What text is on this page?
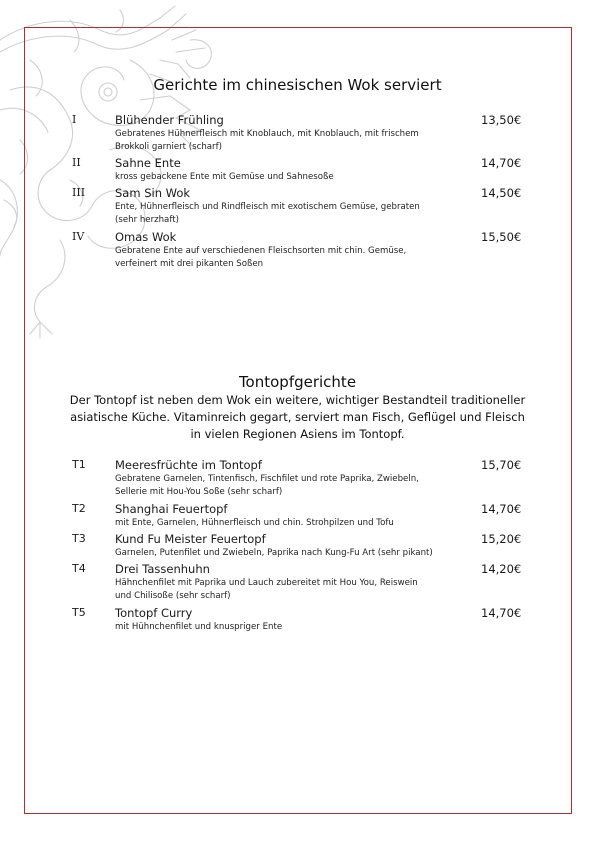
Gerichte im chinesischen Wok serviert
I	Blühender Frühling	13,50€
Gebratenes Hühnerfleisch mit Knoblauch, mit Knoblauch, mit frischem
Brokkoli garniert (scharf)
II	Sahne Ente	14,70€
kross gebackene Ente mit Gemüse und Sahnesoße
III	Sam Sin Wok	14,50€
Ente, Hühnerfleisch und Rindfleisch mit exotischem Gemüse, gebraten
(sehr herzhaft)
IV	Omas Wok	15,50€
Gebratene Ente auf verschiedenen Fleischsorten mit chin. Gemüse,
verfeinert mit drei pikanten Soßen
Tontopfgerichte
Der Tontopf ist neben dem Wok ein weitere, wichtiger Bestandteil traditioneller
asiatische Küche. Vitaminreich gegart, serviert man Fisch, Geflügel und Fleisch
in vielen Regionen Asiens im Tontopf.
T1	Meeresfrüchte im Tontopf	15,70€
Gebratene Garnelen, Tintenfisch, Fischfilet und rote Paprika, Zwiebeln,
Sellerie mit Hou-You Soße (sehr scharf)
T2	Shanghai Feuertopf	14,70€
mit Ente, Garnelen, Hühnerfleisch und chin. Strohpilzen und Tofu
T3	Kund Fu Meister Feuertopf	15,20€
Garnelen, Putenfilet und Zwiebeln, Paprika nach Kung-Fu Art (sehr pikant)
T4	Drei Tassenhuhn	14,20€
Hähnchenfilet mit Paprika und Lauch zubereitet mit Hou You, Reiswein
und Chilisoße (sehr scharf)
T5	Tontopf Curry	14,70€
mit Hühnchenfilet und knuspriger Ente
